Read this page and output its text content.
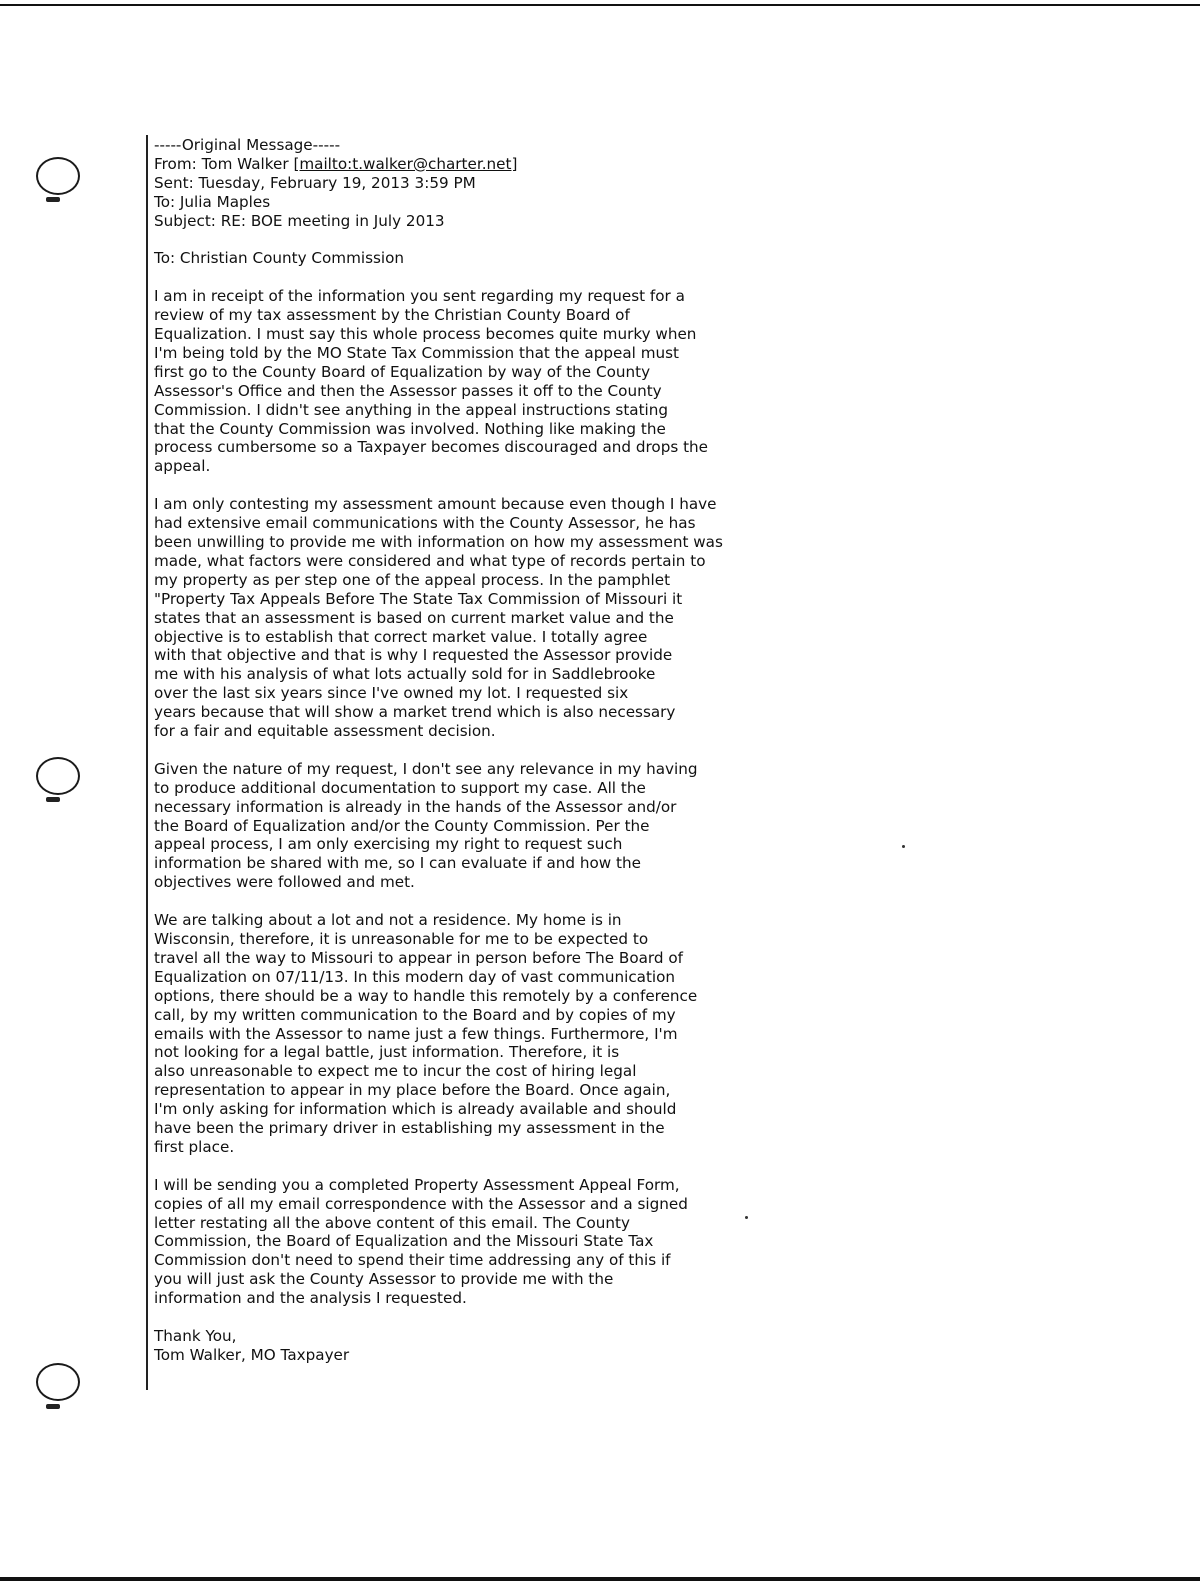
-----Original Message-----
From: Tom Walker [mailto:t.walker@charter.net]
Sent: Tuesday, February 19, 2013 3:59 PM
To: Julia Maples
Subject: RE: BOE meeting in July 2013
To: Christian County Commission
I am in receipt of the information you sent regarding my request for a
review of my tax assessment by the Christian County Board of
Equalization. I must say this whole process becomes quite murky when
I'm being told by the MO State Tax Commission that the appeal must
first go to the County Board of Equalization by way of the County
Assessor's Office and then the Assessor passes it off to the County
Commission. I didn't see anything in the appeal instructions stating
that the County Commission was involved. Nothing like making the
process cumbersome so a Taxpayer becomes discouraged and drops the
appeal.
I am only contesting my assessment amount because even though I have
had extensive email communications with the County Assessor, he has
been unwilling to provide me with information on how my assessment was
made, what factors were considered and what type of records pertain to
my property as per step one of the appeal process. In the pamphlet
"Property Tax Appeals Before The State Tax Commission of Missouri it
states that an assessment is based on current market value and the
objective is to establish that correct market value. I totally agree
with that objective and that is why I requested the Assessor provide
me with his analysis of what lots actually sold for in Saddlebrooke
over the last six years since I've owned my lot. I requested six
years because that will show a market trend which is also necessary
for a fair and equitable assessment decision.
Given the nature of my request, I don't see any relevance in my having
to produce additional documentation to support my case. All the
necessary information is already in the hands of the Assessor and/or
the Board of Equalization and/or the County Commission. Per the
appeal process, I am only exercising my right to request such
information be shared with me, so I can evaluate if and how the
objectives were followed and met.
We are talking about a lot and not a residence. My home is in
Wisconsin, therefore, it is unreasonable for me to be expected to
travel all the way to Missouri to appear in person before The Board of
Equalization on 07/11/13. In this modern day of vast communication
options, there should be a way to handle this remotely by a conference
call, by my written communication to the Board and by copies of my
emails with the Assessor to name just a few things. Furthermore, I'm
not looking for a legal battle, just information. Therefore, it is
also unreasonable to expect me to incur the cost of hiring legal
representation to appear in my place before the Board. Once again,
I'm only asking for information which is already available and should
have been the primary driver in establishing my assessment in the
first place.
I will be sending you a completed Property Assessment Appeal Form,
copies of all my email correspondence with the Assessor and a signed
letter restating all the above content of this email. The County
Commission, the Board of Equalization and the Missouri State Tax
Commission don't need to spend their time addressing any of this if
you will just ask the County Assessor to provide me with the
information and the analysis I requested.
Thank You,
Tom Walker, MO Taxpayer
